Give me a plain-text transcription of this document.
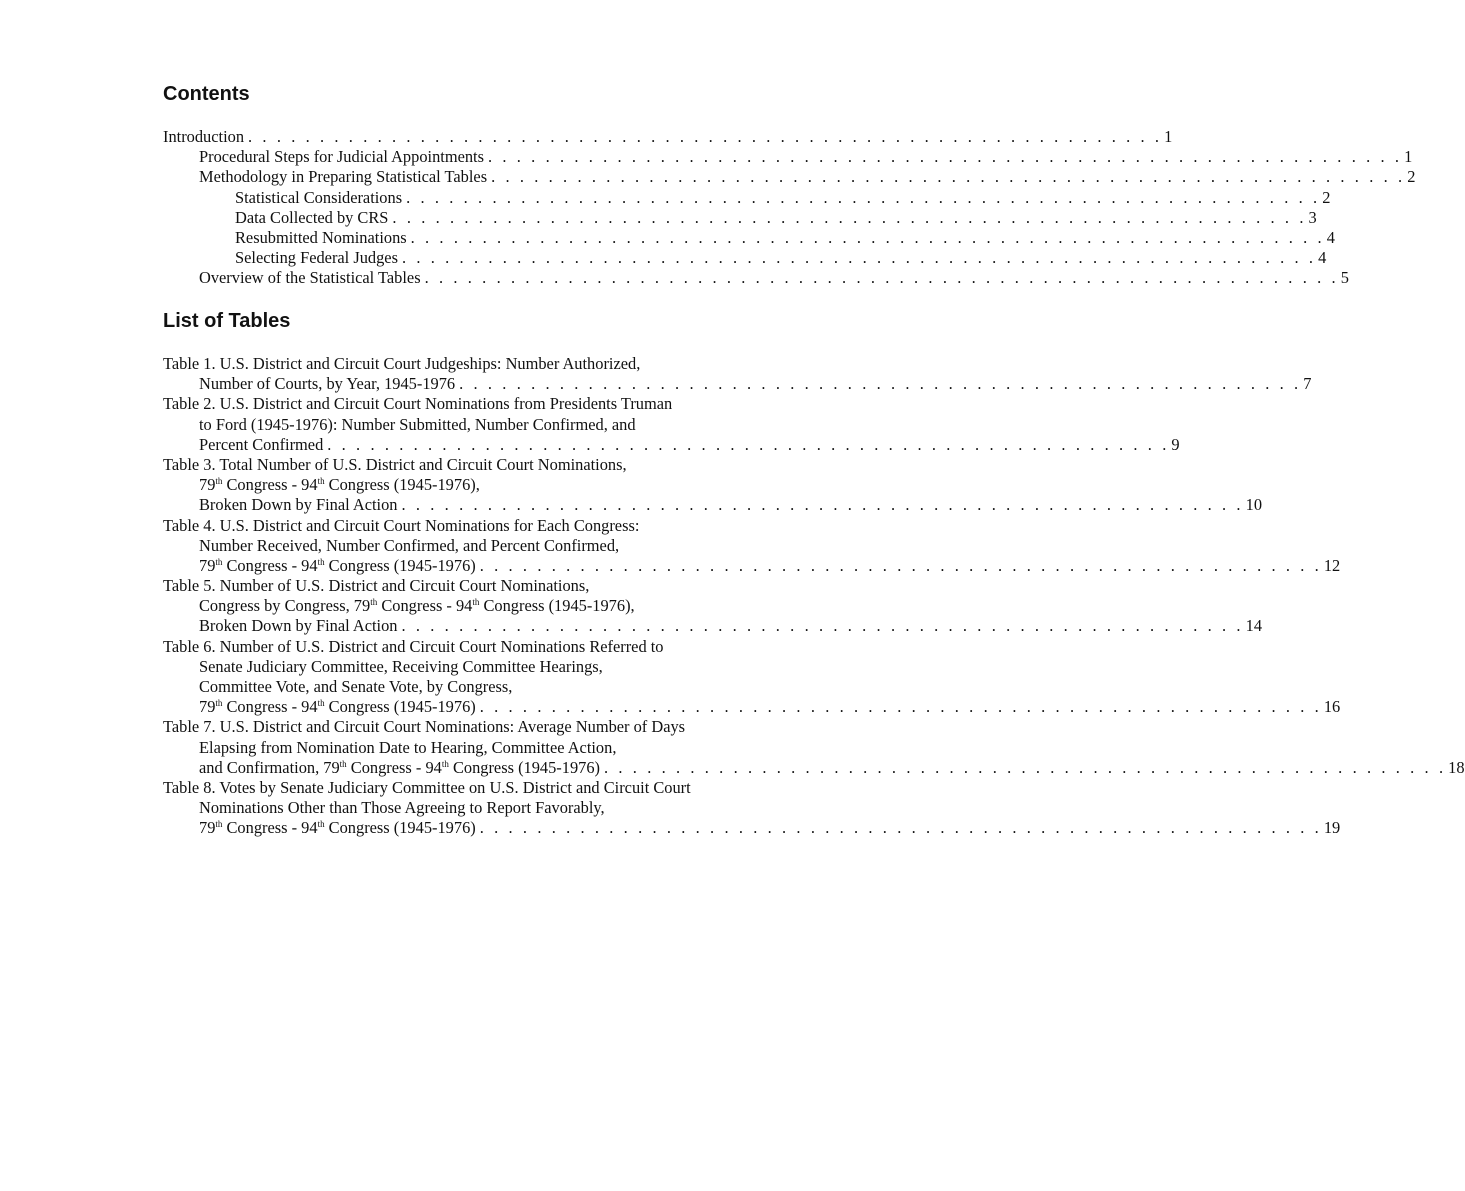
Contents
Introduction . . . . . . . . . . . . . . . . . . . . . . . . . . . . . . . . . . . . . . . . . . . . . . . . . . . . . . . . . . . . . . . . 1
Procedural Steps for Judicial Appointments . . . . . . . . . . . . . . . . . . . . . . . . . . . . . . . . . . . . . . . . . . . . . . . . . . . . . . . . . . . . . . . . 1
Methodology in Preparing Statistical Tables . . . . . . . . . . . . . . . . . . . . . . . . . . . . . . . . . . . . . . . . . . . . . . . . . . . . . . . . . . . . . . . . 2
Statistical Considerations . . . . . . . . . . . . . . . . . . . . . . . . . . . . . . . . . . . . . . . . . . . . . . . . . . . . . . . . . . . . . . . . 2
Data Collected by CRS . . . . . . . . . . . . . . . . . . . . . . . . . . . . . . . . . . . . . . . . . . . . . . . . . . . . . . . . . . . . . . . . 3
Resubmitted Nominations . . . . . . . . . . . . . . . . . . . . . . . . . . . . . . . . . . . . . . . . . . . . . . . . . . . . . . . . . . . . . . . . 4
Selecting Federal Judges . . . . . . . . . . . . . . . . . . . . . . . . . . . . . . . . . . . . . . . . . . . . . . . . . . . . . . . . . . . . . . . . 4
Overview of the Statistical Tables . . . . . . . . . . . . . . . . . . . . . . . . . . . . . . . . . . . . . . . . . . . . . . . . . . . . . . . . . . . . . . . . 5
List of Tables
Table 1. U.S. District and Circuit Court Judgeships: Number Authorized,
Number of Courts, by Year, 1945-1976 . . . . . . . . . . . . . . . . . . . . . . . . . . . . . . . . . . . . . . . . . . . . . . . . . . . . . . . . . . . 7
Table 2. U.S. District and Circuit Court Nominations from Presidents Truman
to Ford (1945-1976): Number Submitted, Number Confirmed, and
Percent Confirmed . . . . . . . . . . . . . . . . . . . . . . . . . . . . . . . . . . . . . . . . . . . . . . . . . . . . . . . . . . . 9
Table 3. Total Number of U.S. District and Circuit Court Nominations,
79th Congress - 94th Congress (1945-1976),
Broken Down by Final Action . . . . . . . . . . . . . . . . . . . . . . . . . . . . . . . . . . . . . . . . . . . . . . . . . . . . . . . . . . . 10
Table 4. U.S. District and Circuit Court Nominations for Each Congress:
Number Received, Number Confirmed, and Percent Confirmed,
79th Congress - 94th Congress (1945-1976) . . . . . . . . . . . . . . . . . . . . . . . . . . . . . . . . . . . . . . . . . . . . . . . . . . . . . . . . . . . 12
Table 5. Number of U.S. District and Circuit Court Nominations,
Congress by Congress, 79th Congress - 94th Congress (1945-1976),
Broken Down by Final Action . . . . . . . . . . . . . . . . . . . . . . . . . . . . . . . . . . . . . . . . . . . . . . . . . . . . . . . . . . . 14
Table 6. Number of U.S. District and Circuit Court Nominations Referred to
Senate Judiciary Committee, Receiving Committee Hearings,
Committee Vote, and Senate Vote, by Congress,
79th Congress - 94th Congress (1945-1976) . . . . . . . . . . . . . . . . . . . . . . . . . . . . . . . . . . . . . . . . . . . . . . . . . . . . . . . . . . . 16
Table 7. U.S. District and Circuit Court Nominations: Average Number of Days
Elapsing from Nomination Date to Hearing, Committee Action,
and Confirmation, 79th Congress - 94th Congress (1945-1976) . . . . . . . . . . . . . . . . . . . . . . . . . . . . . . . . . . . . . . . . . . . . . . . . . . . . . . . . . . . 18
Table 8. Votes by Senate Judiciary Committee on U.S. District and Circuit Court
Nominations Other than Those Agreeing to Report Favorably,
79th Congress - 94th Congress (1945-1976) . . . . . . . . . . . . . . . . . . . . . . . . . . . . . . . . . . . . . . . . . . . . . . . . . . . . . . . . . . . 19
